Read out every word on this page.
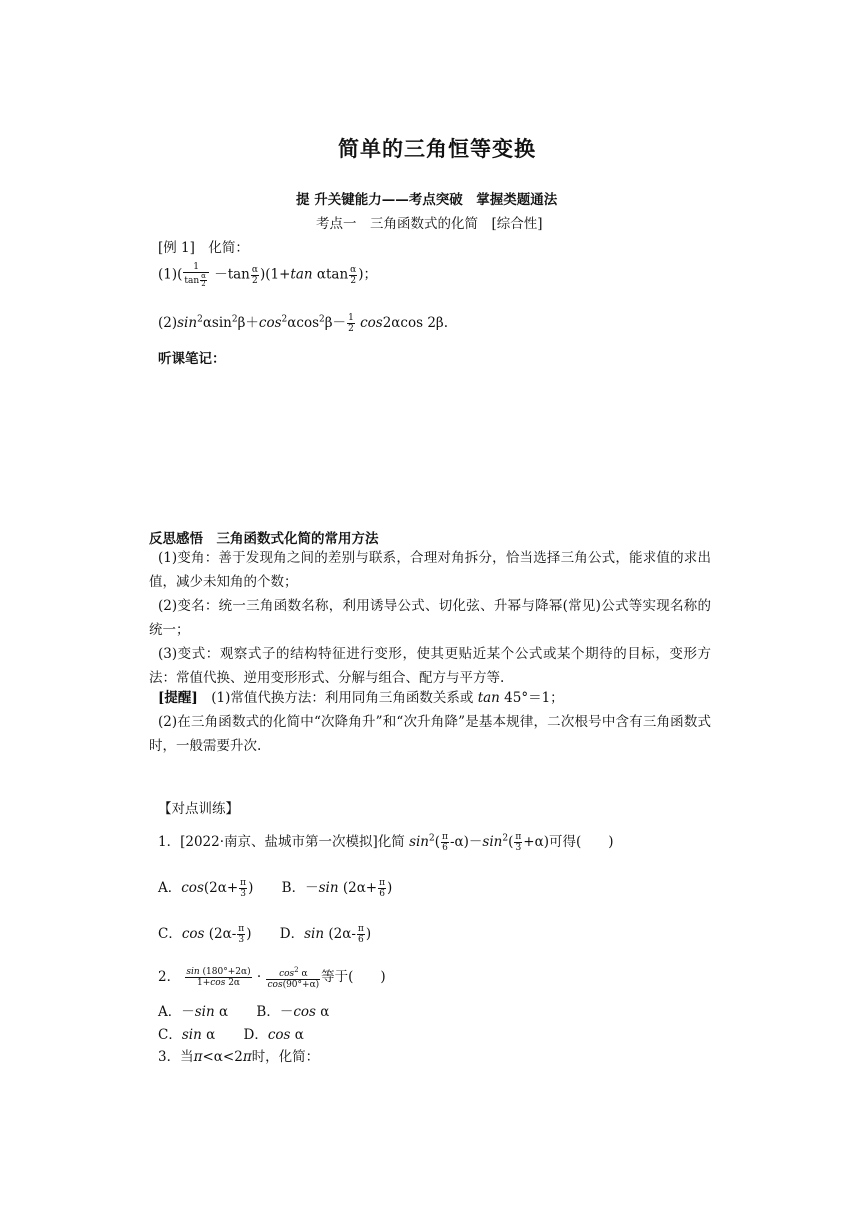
简单的三角恒等变换
提 升关键能力——考点突破　掌握类题通法
考点一　三角函数式的化简　[综合性]
[例 1]　化简：
$(1)( \frac{1}{\tan \frac{\alpha}{2}} -\tan \frac{\alpha}{2} )(1+\tan$ αtan $\frac{\alpha}{2}$ )；
$(2)\sin^2\alpha\sin^2\beta+\cos^2\alpha\cos^2\beta- \frac{1}{2} \cos 2\alpha\cos$ 2β.
听课笔记：
反思感悟　三角函数式化简的常用方法
(1)变角：善于发现角之间的差别与联系，合理对角拆分，恰当选择三角公式，能求值的求出值，减少未知角的个数；
(2)变名：统一三角函数名称，利用诱导公式、切化弦、升幂与降幂(常见)公式等实现名称的统一；
(3)变式：观察式子的结构特征进行变形，使其更贴近某个公式或某个期待的目标，变形方法：常值代换、逆用变形形式、分解与组合、配方与平方等.
[提醒]　(1)常值代换方法：利用同角三角函数关系或 tan 45°＝1；
(2)在三角函数式的化简中“次降角升”和“次升角降”是基本规律，二次根号中含有三角函数式时，一般需要升次.
【对点训练】
1．[2022·南京、盐城市第一次模拟]化简 $\sin^2( \frac{\pi}{6} -\alpha)-\sin^2( \frac{\pi}{3} +\alpha)$可得(　　)
A．$\cos(2\alpha+ \frac{\pi}{3}$ ) B．－sin ($2\alpha+ \frac{\pi}{6}$ )
C．$\cos (2\alpha- \frac{\pi}{3}$ ) D．$\sin (2\alpha- \frac{\pi}{6}$ )
2． $\frac{\sin (180^\circ+2\alpha)}{1+\cos 2\alpha} \cdot \frac{\cos^2 \alpha}{\cos(90^\circ+\alpha)}$ 等于(　　)
A．－sin α B．－cos α
C．sin α D．cos α
3．当π<α<2π时，化简：
